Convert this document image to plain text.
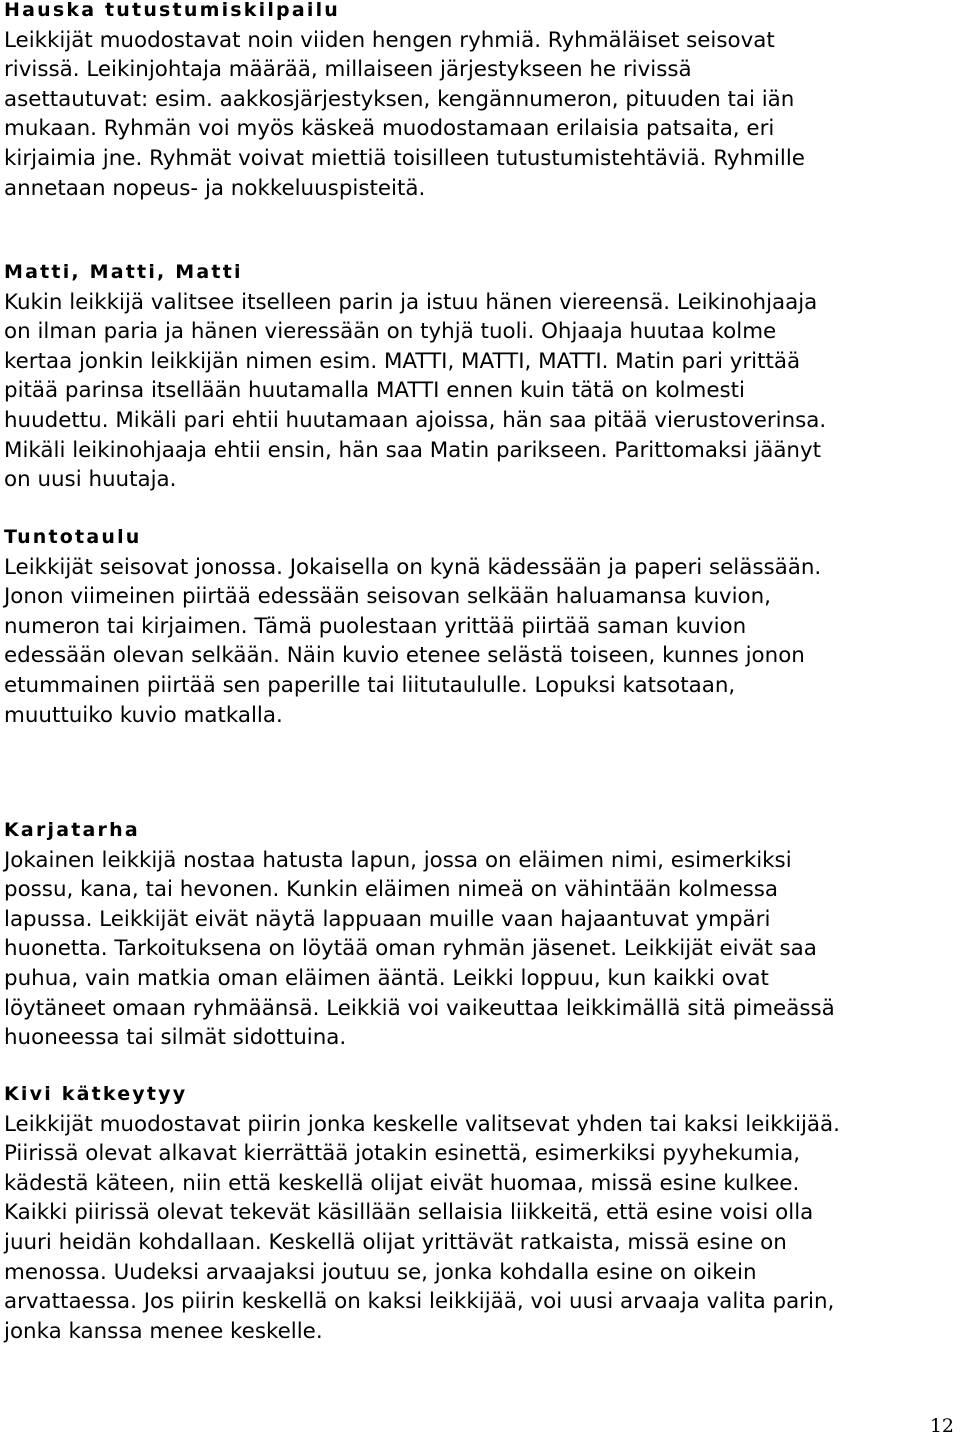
Hauska tutustumiskilpailu
Leikkijät muodostavat noin viiden hengen ryhmiä. Ryhmäläiset seisovat
rivissä. Leikinjohtaja määrää, millaiseen järjestykseen he rivissä
asettautuvat: esim. aakkosjärjestyksen, kengännumeron, pituuden tai iän
mukaan. Ryhmän voi myös käskeä muodostamaan erilaisia patsaita, eri
kirjaimia jne. Ryhmät voivat miettiä toisilleen tutustumistehtäviä. Ryhmille
annetaan nopeus- ja nokkeluuspisteitä.
Matti, Matti, Matti
Kukin leikkijä valitsee itselleen parin ja istuu hänen viereensä. Leikinohjaaja
on ilman paria ja hänen vieressään on tyhjä tuoli. Ohjaaja huutaa kolme
kertaa jonkin leikkijän nimen esim. MATTI, MATTI, MATTI. Matin pari yrittää
pitää parinsa itsellään huutamalla MATTI ennen kuin tätä on kolmesti
huudettu. Mikäli pari ehtii huutamaan ajoissa, hän saa pitää vierustoverinsa.
Mikäli leikinohjaaja ehtii ensin, hän saa Matin parikseen. Parittomaksi jäänyt
on uusi huutaja.
Tuntotaulu
Leikkijät seisovat jonossa. Jokaisella on kynä kädessään ja paperi selässään.
Jonon viimeinen piirtää edessään seisovan selkään haluamansa kuvion,
numeron tai kirjaimen. Tämä puolestaan yrittää piirtää saman kuvion
edessään olevan selkään. Näin kuvio etenee selästä toiseen, kunnes jonon
etummainen piirtää sen paperille tai liitutaululle. Lopuksi katsotaan,
muuttuiko kuvio matkalla.
Karjatarha
Jokainen leikkijä nostaa hatusta lapun, jossa on eläimen nimi, esimerkiksi
possu, kana, tai hevonen. Kunkin eläimen nimeä on vähintään kolmessa
lapussa. Leikkijät eivät näytä lappuaan muille vaan hajaantuvat ympäri
huonetta. Tarkoituksena on löytää oman ryhmän jäsenet. Leikkijät eivät saa
puhua, vain matkia oman eläimen ääntä. Leikki loppuu, kun kaikki ovat
löytäneet omaan ryhmäänsä. Leikkiä voi vaikeuttaa leikkimällä sitä pimeässä
huoneessa tai silmät sidottuina.
Kivi kätkeytyy
Leikkijät muodostavat piirin jonka keskelle valitsevat yhden tai kaksi leikkijää.
Piirissä olevat alkavat kierrättää jotakin esinettä, esimerkiksi pyyhekumia,
kädestä käteen, niin että keskellä olijat eivät huomaa, missä esine kulkee.
Kaikki piirissä olevat tekevät käsillään sellaisia liikkeitä, että esine voisi olla
juuri heidän kohdallaan. Keskellä olijat yrittävät ratkaista, missä esine on
menossa. Uudeksi arvaajaksi joutuu se, jonka kohdalla esine on oikein
arvattaessa. Jos piirin keskellä on kaksi leikkijää, voi uusi arvaaja valita parin,
jonka kanssa menee keskelle.
12
